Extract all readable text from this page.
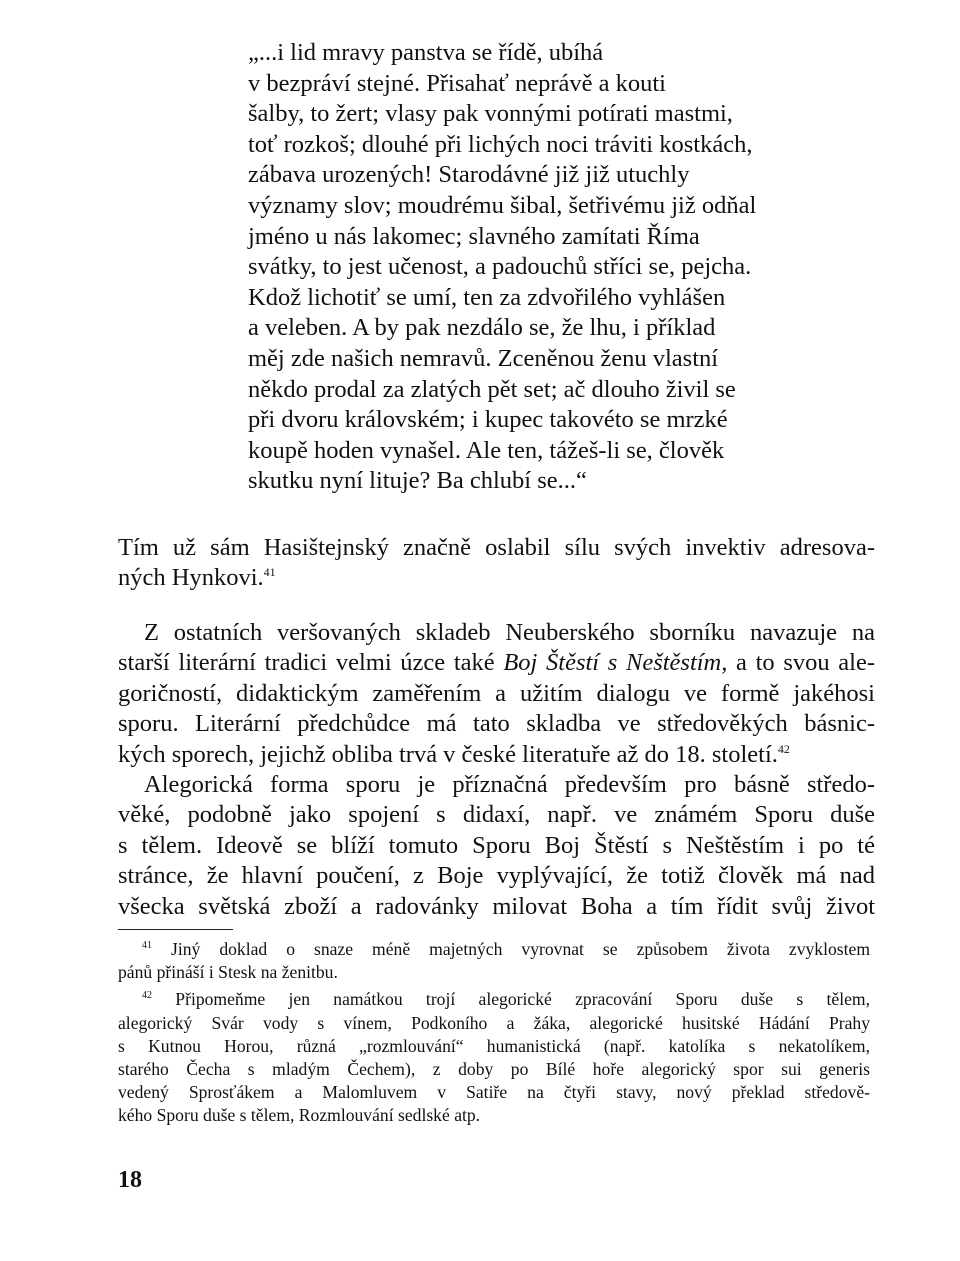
„...i lid mravy panstva se řídě, ubíhá
v bezpráví stejné. Přisahať neprávě a kouti
šalby, to žert; vlasy pak vonnými potírati mastmi,
toť rozkoš; dlouhé při lichých noci tráviti kostkách,
zábava urozených! Starodávné již již utuchly
významy slov; moudrému šibal, šetřivému již odňal
jméno u nás lakomec; slavného zamítati Říma
svátky, to jest učenost, a padouchů stříci se, pejcha.
Kdož lichotiť se umí, ten za zdvořilého vyhlášen
a veleben. A by pak nezdálo se, že lhu, i příklad
měj zde našich nemravů. Zceněnou ženu vlastní
někdo prodal za zlatých pět set; ač dlouho živil se
při dvoru královském; i kupec takovéto se mrzké
koupě hoden vynašel. Ale ten, tážeš-li se, člověk
skutku nyní lituje? Ba chlubí se...“
Tím už sám Hasištejnský značně oslabil sílu svých invektiv adresova-
ných Hynkovi.$^{41}$
Z ostatních veršovaných skladeb Neuberského sborníku navazuje na
starší literární tradici velmi úzce také Boj Štěstí s Neštěstím, a to svou ale-
goričností, didaktickým zaměřením a užitím dialogu ve formě jakéhosi
sporu. Literární předchůdce má tato skladba ve středověkých básnic-
kých sporech, jejichž obliba trvá v české literatuře až do 18. století.$^{42}$
Alegorická forma sporu je příznačná především pro básně středo-
věké, podobně jako spojení s didaxí, např. ve známém Sporu duše
s tělem. Ideově se blíží tomuto Sporu Boj Štěstí s Neštěstím i po té
stránce, že hlavní poučení, z Boje vyplývající, že totiž člověk má nad
všecka světská zboží a radovánky milovat Boha a tím řídit svůj život
$^{41}$ Jiný doklad o snaze méně majetných vyrovnat se způsobem života zvyklostem
pánů přináší i Stesk na ženitbu.
$^{42}$ Připomeňme jen namátkou trojí alegorické zpracování Sporu duše s tělem,
alegorický Svár vody s vínem, Podkoního a žáka, alegorické husitské Hádání Prahy
s Kutnou Horou, různá „rozmlouvání“ humanistická (např. katolíka s nekatolíkem,
starého Čecha s mladým Čechem), z doby po Bílé hoře alegorický spor sui generis
vedený Sprosťákem a Malomluvem v Satiře na čtyři stavy, nový překlad středově-
kého Sporu duše s tělem, Rozmlouvání sedlské atp.
18
